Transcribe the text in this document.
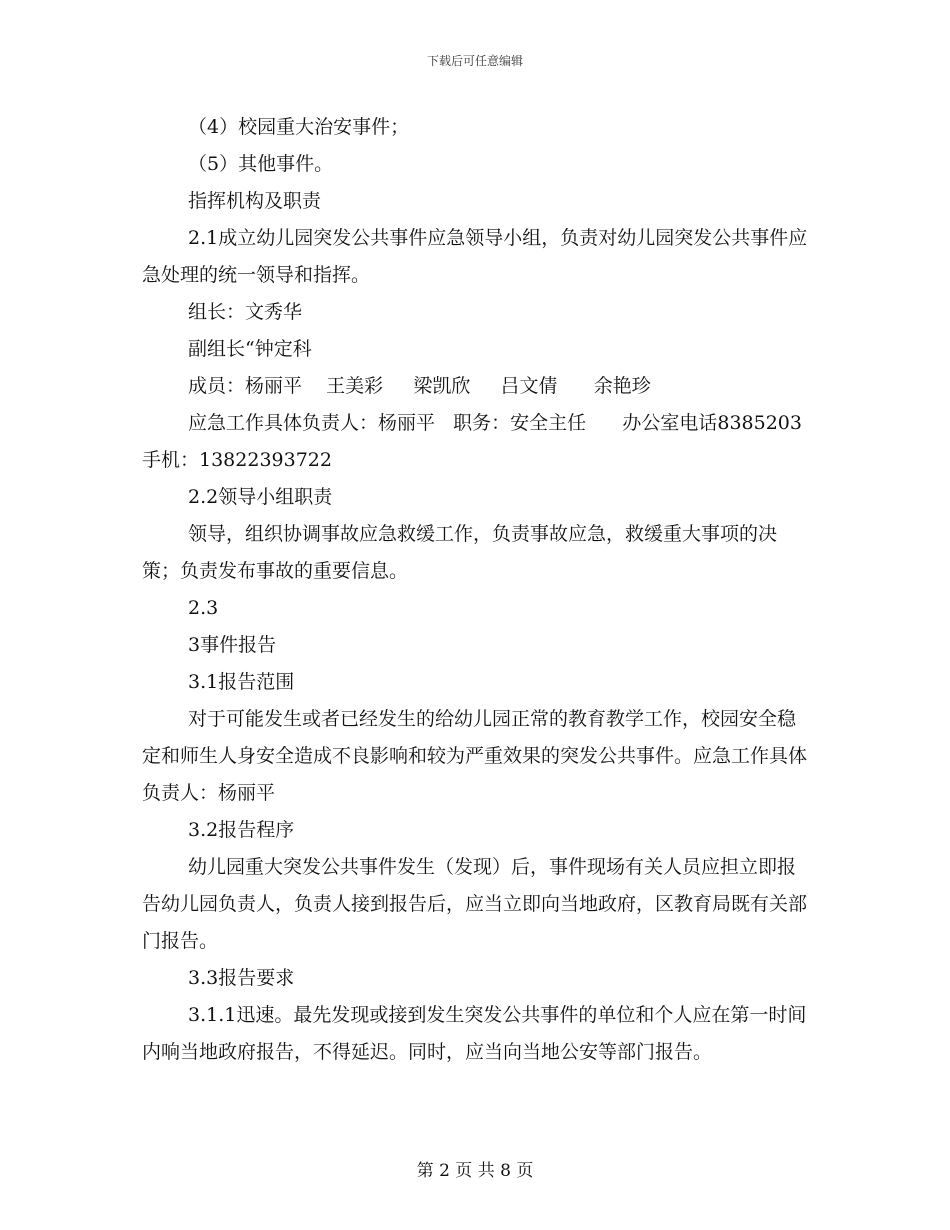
下载后可任意编辑

（4）校园重大治安事件；

（5）其他事件。

指挥机构及职责

2.1成立幼儿园突发公共事件应急领导小组，负责对幼儿园突发公共事件应急处理的统一领导和指挥。

组长：文秀华

副组长“钟定科

成员：杨丽平    王美彩     梁凯欣     吕文倩      余艳珍

应急工作具体负责人：杨丽平   职务：安全主任      办公室电话8385203    手机：13822393722

2.2领导小组职责

领导，组织协调事故应急救缓工作，负责事故应急，救缓重大事项的决策；负责发布事故的重要信息。

2.3

3事件报告

3.1报告范围

对于可能发生或者已经发生的给幼儿园正常的教育教学工作，校园安全稳定和师生人身安全造成不良影响和较为严重效果的突发公共事件。应急工作具体负责人：杨丽平

3.2报告程序

幼儿园重大突发公共事件发生（发现）后，事件现场有关人员应担立即报告幼儿园负责人，负责人接到报告后，应当立即向当地政府，区教育局既有关部门报告。

3.3报告要求

3.1.1迅速。最先发现或接到发生突发公共事件的单位和个人应在第一时间内响当地政府报告，不得延迟。同时，应当向当地公安等部门报告。

第 2 页 共 8 页
